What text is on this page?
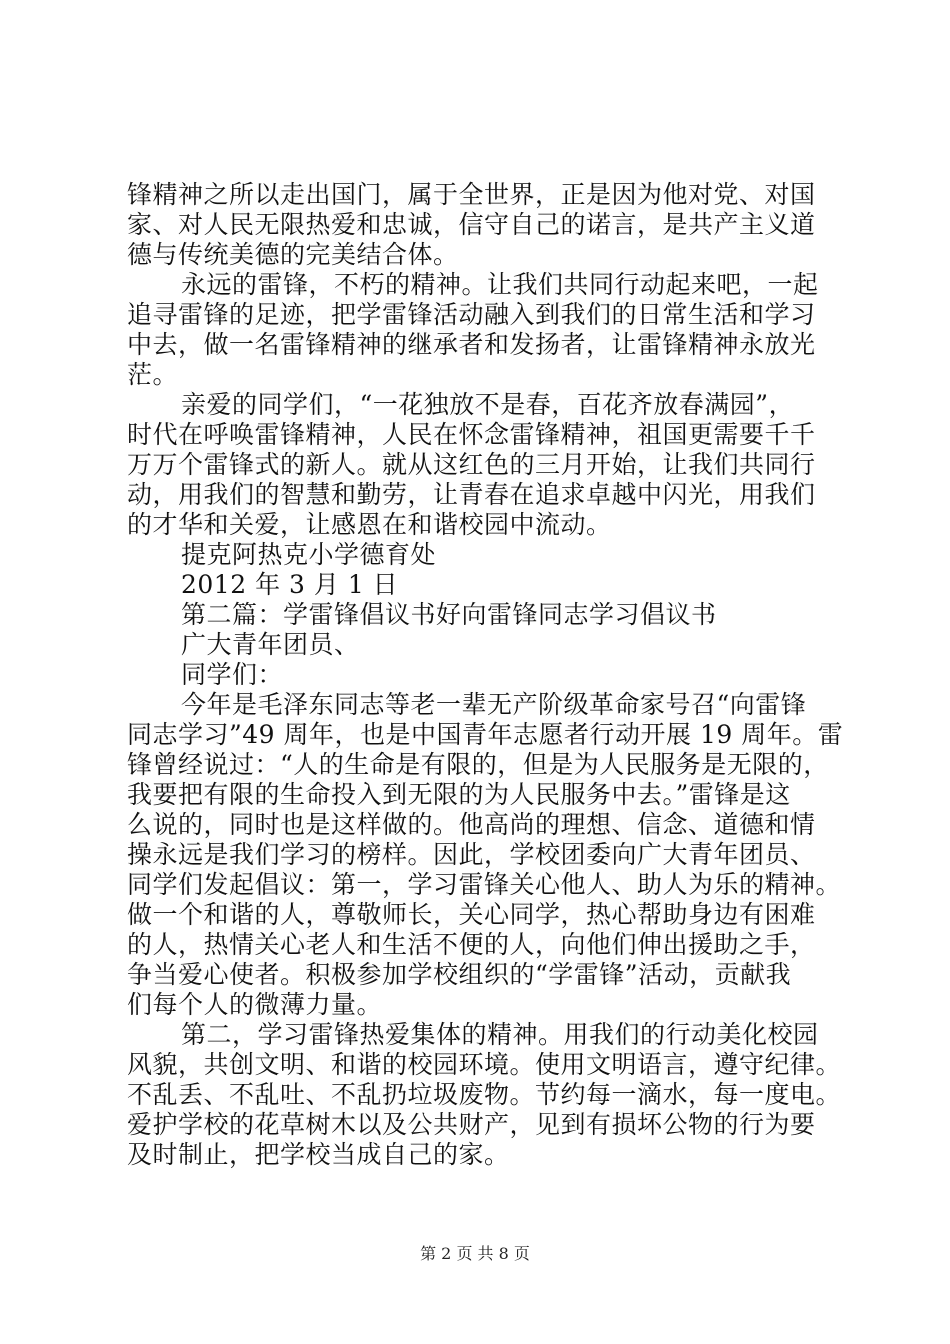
锋精神之所以走出国门，属于全世界，正是因为他对党、对国
家、对人民无限热爱和忠诚，信守自己的诺言，是共产主义道
德与传统美德的完美结合体。
永远的雷锋，不朽的精神。让我们共同行动起来吧，一起
追寻雷锋的足迹，把学雷锋活动融入到我们的日常生活和学习
中去，做一名雷锋精神的继承者和发扬者，让雷锋精神永放光
茫。
亲爱的同学们，“一花独放不是春，百花齐放春满园”，
时代在呼唤雷锋精神，人民在怀念雷锋精神，祖国更需要千千
万万个雷锋式的新人。就从这红色的三月开始，让我们共同行
动，用我们的智慧和勤劳，让青春在追求卓越中闪光，用我们
的才华和关爱，让感恩在和谐校园中流动。
提克阿热克小学德育处
2012 年 3 月 1 日
第二篇：学雷锋倡议书好向雷锋同志学习倡议书
广大青年团员、
同学们：
今年是毛泽东同志等老一辈无产阶级革命家号召“向雷锋
同志学习”49 周年，也是中国青年志愿者行动开展 19 周年。雷
锋曾经说过：“人的生命是有限的，但是为人民服务是无限的，
我要把有限的生命投入到无限的为人民服务中去。”雷锋是这
么说的，同时也是这样做的。他高尚的理想、信念、道德和情
操永远是我们学习的榜样。因此，学校团委向广大青年团员、
同学们发起倡议：第一，学习雷锋关心他人、助人为乐的精神。
做一个和谐的人，尊敬师长，关心同学，热心帮助身边有困难
的人，热情关心老人和生活不便的人，向他们伸出援助之手，
争当爱心使者。积极参加学校组织的“学雷锋”活动，贡献我
们每个人的微薄力量。
第二，学习雷锋热爱集体的精神。用我们的行动美化校园
风貌，共创文明、和谐的校园环境。使用文明语言，遵守纪律。
不乱丢、不乱吐、不乱扔垃圾废物。节约每一滴水，每一度电。
爱护学校的花草树木以及公共财产，见到有损坏公物的行为要
及时制止，把学校当成自己的家。
第 2 页 共 8 页
